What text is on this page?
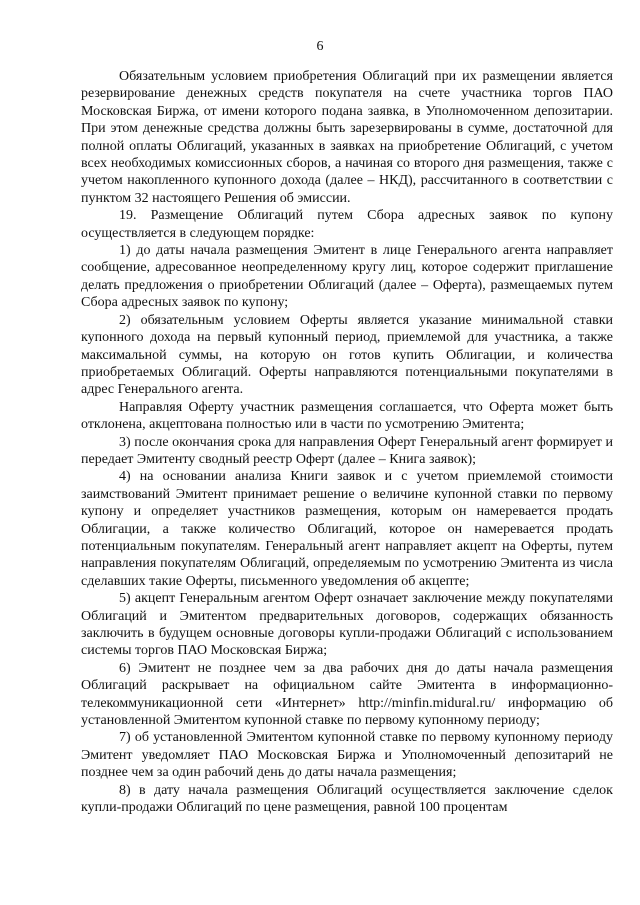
6

Обязательным условием приобретения Облигаций при их размещении является резервирование денежных средств покупателя на счете участника торгов ПАО Московская Биржа, от имени которого подана заявка, в Уполномоченном депозитарии. При этом денежные средства должны быть зарезервированы в сумме, достаточной для полной оплаты Облигаций, указанных в заявках на приобретение Облигаций, с учетом всех необходимых комиссионных сборов, а начиная со второго дня размещения, также с учетом накопленного купонного дохода (далее – НКД), рассчитанного в соответствии с пунктом 32 настоящего Решения об эмиссии.

19. Размещение Облигаций путем Сбора адресных заявок по купону осуществляется в следующем порядке:

1) до даты начала размещения Эмитент в лице Генерального агента направляет сообщение, адресованное неопределенному кругу лиц, которое содержит приглашение делать предложения о приобретении Облигаций (далее – Оферта), размещаемых путем Сбора адресных заявок по купону;

2) обязательным условием Оферты является указание минимальной ставки купонного дохода на первый купонный период, приемлемой для участника, а также максимальной суммы, на которую он готов купить Облигации, и количества приобретаемых Облигаций. Оферты направляются потенциальными покупателями в адрес Генерального агента.

Направляя Оферту участник размещения соглашается, что Оферта может быть отклонена, акцептована полностью или в части по усмотрению Эмитента;

3) после окончания срока для направления Оферт Генеральный агент формирует и передает Эмитенту сводный реестр Оферт (далее – Книга заявок);

4) на основании анализа Книги заявок и с учетом приемлемой стоимости заимствований Эмитент принимает решение о величине купонной ставки по первому купону и определяет участников размещения, которым он намеревается продать Облигации, а также количество Облигаций, которое он намеревается продать потенциальным покупателям. Генеральный агент направляет акцепт на Оферты, путем направления покупателям Облигаций, определяемым по усмотрению Эмитента из числа сделавших такие Оферты, письменного уведомления об акцепте;

5) акцепт Генеральным агентом Оферт означает заключение между покупателями Облигаций и Эмитентом предварительных договоров, содержащих обязанность заключить в будущем основные договоры купли-продажи Облигаций с использованием системы торгов ПАО Московская Биржа;

6) Эмитент не позднее чем за два рабочих дня до даты начала размещения Облигаций раскрывает на официальном сайте Эмитента в информационно-телекоммуникационной сети «Интернет» http://minfin.midural.ru/ информацию об установленной Эмитентом купонной ставке по первому купонному периоду;

7) об установленной Эмитентом купонной ставке по первому купонному периоду Эмитент уведомляет ПАО Московская Биржа и Уполномоченный депозитарий не позднее чем за один рабочий день до даты начала размещения;

8) в дату начала размещения Облигаций осуществляется заключение сделок купли-продажи Облигаций по цене размещения, равной 100 процентам
